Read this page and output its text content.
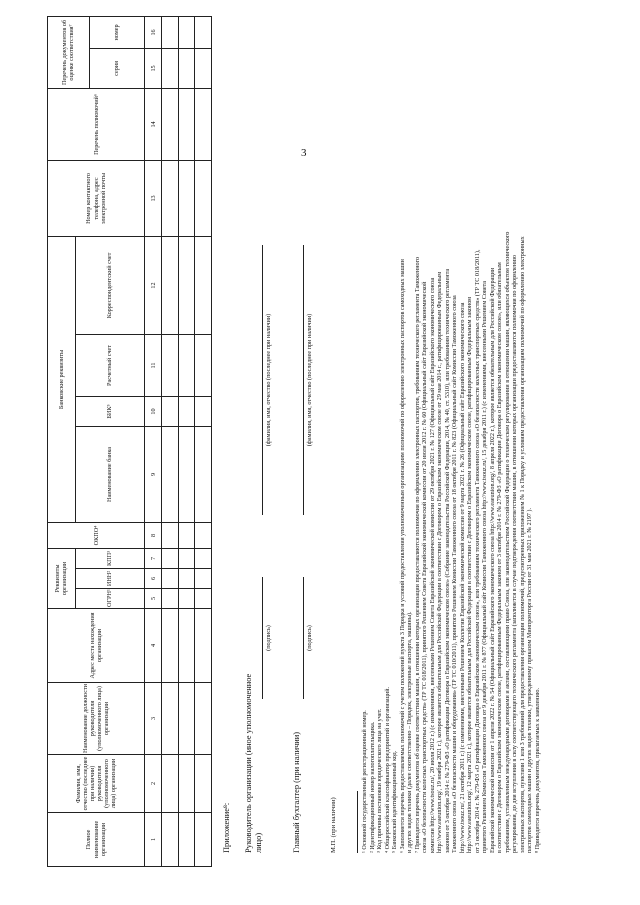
3
Полное наименование организации	Фамилия, имя, отчество (последнее при наличии) руководителя (уполномоченного лица) организации	Наименование должности руководителя (уполномоченного лица) организации	Адрес места нахождения организации	Реквизиты организации			ОКПО⁴	Банковские реквизиты				Номер контактного телефона, адрес электронной почты	Перечень полномочий⁶	Перечень документов об оценке соответствия⁷	
				ОГРН¹	ИНН²	КПП³		Наименование банка	БИК⁵	Расчетный счет	Корреспондентский счет				
														серия	номер
1	2	3	4	5	6	7	8	9	10	11	12	13	14	15	16

Приложение⁸: Руководитель организации (иное уполномоченное лицо)
(подпись)
(фамилия, имя, отчество (последнее при наличии)
Главный бухгалтер (при наличии)
(подпись)
(фамилия, имя, отчество (последнее при наличии)
М.П. (при наличии)	¹ Основной государственный регистрационный номер. ² Идентификационный номер налогоплательщика. ³ Код причины постановки юридического лица на учет. ⁴ Общероссийский классификатор предприятий и организаций. ⁵ Банковский идентификационный код. ⁶ Заполняется перечень предоставляемых полномочий с учетом положений пункта 3 Порядка и условий предоставления уполномоченным организациям полномочий по оформлению электронных паспортов самоходных машин и других видов техники (далее соответственно – Порядок, электронные паспорта, машины). ⁷ Приводится перечень документов об оценке соответствия машин, в отношении которых организации предоставляются полномочия по оформлению электронных паспортов, требованиям технического регламента Таможенного союза «О безопасности колесных транспортных средств» (ТР ТС 018/2011), принятого Решением Совета Евразийской экономической комиссии от 20 июля 2012 г. № 60 (Официальный сайт Евразийской экономической комиссии http://www.tsouz.ru/, 20 июля 2012 г.) (с изменениями, внесенными Решением Совета Евразийской экономической комиссии от 29 октября 2021 г. № 127 (Официальный сайт Евразийского экономического союза http://www.eaeunion.org/, 19 ноября 2021 г.), которое является обязательным для Российской Федерации в соответствии с Договором о Евразийском экономическом союзе от 29 мая 2014 г., ратифицированным Федеральным законом от 3 октября 2014 г. № 279-ФЗ «О ратификации Договора о Евразийском экономическом союзе» (Собрание законодательства Российской Федерации, 2014, № 40, ст. 5310), или требованиям технического регламента Таможенного союза «О безопасности машин и оборудования» (ТР ТС 010/2011), принятого Решением Комиссии Таможенного союза от 18 октября 2011 г. № 823 (Официальный сайт Комиссии Таможенного союза http://www.tsouz.ru/, 21 октября 2011 г.) (с изменениями, внесенными Решением Коллегии Евразийской экономической комиссии от 9 марта 2021 г. № 26 (Официальный сайт Евразийского экономического союза http://www.eaeunion.org/, 12 марта 2021 г.), которое является обязательным для Российской Федерации в соответствии с Договором о Евразийском экономическом союзе, ратифицированным Федеральным законом от 3 октября 2014 г. № 279-ФЗ «О ратификации Договора о Евразийском экономическом союзе», или требованиям технического регламента Таможенного союза «О безопасности колесных транспортных средств» (ТР ТС 018/2011), принятого Решением Комиссии Таможенного союза от 9 декабря 2011 г. № 877 (Официальный сайт Комиссии Таможенного союза http://www.tsouz.ru/, 15 декабря 2011 г.) (с изменениями, внесенными Решением Совета Евразийской экономической комиссии от 1 апреля 2022 г. № 54 (Официальный сайт Евразийского экономического союза http://www.eaeunion.org/, 8 апреля 2022 г.), которое является обязательным для Российской Федерации в соответствии с Договором о Евразийском экономическом союзе, ратифицированным Федеральным законом от 3 октября 2014 г. № 279-ФЗ «О ратификации Договора о Евразийском экономическом союзе», или обязательным требованиям, установленным международными договорами и актами, составляющими право Союза, или законодательством Российской Федерации о техническом регулировании в отношении машин, являющихся объектом технического регулирования, до дня вступления в силу соответствующего технического регламента (заполняется в случае подтверждения соответствия машин, в отношении которых организации предоставляются полномочия по оформлению электронных паспортов, пунктами 1 или 3 требований для предоставления организации полномочий, предусмотренных приложением № 1 к Порядку и условиям предоставления организациям полномочий по оформлению электронных паспортов самоходных машин и других видов техники, утвержденному приказом Минпромторга России от 31 мая 2021 г. № 2197 ). ⁸ Приводится перечень документов, прилагаемых к заявлению.
